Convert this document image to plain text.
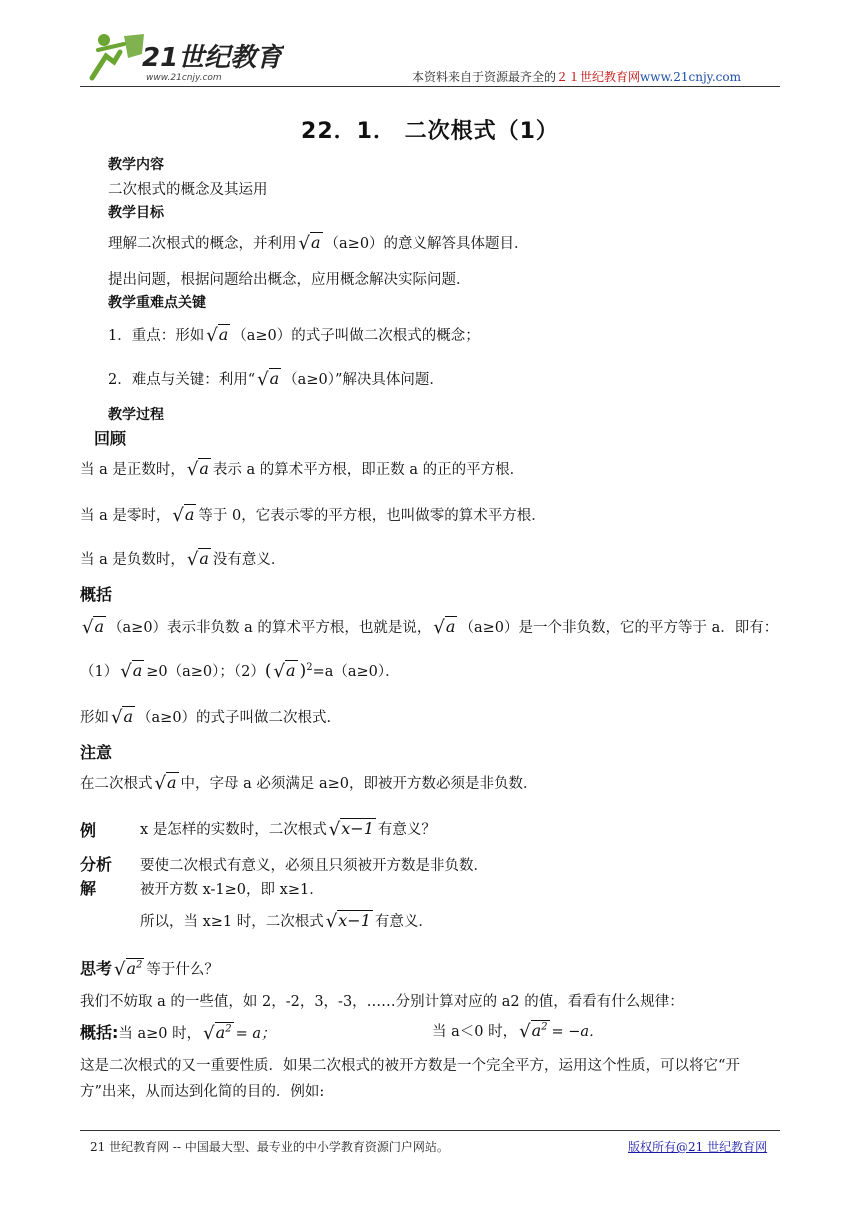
21世纪教育
www.21cnjy.com	本资料来自于资源最齐全的２１世纪教育网www.21cnjy.com
22．1． 二次根式（1）
教学内容
二次根式的概念及其运用
教学目标
理解二次根式的概念，并利用 √a （a≥0）的意义解答具体题目．
提出问题，根据问题给出概念，应用概念解决实际问题．
教学重难点关键
1．重点：形如 √a （a≥0）的式子叫做二次根式的概念；
2．难点与关键：利用“ √a （a≥0）”解决具体问题．
教学过程
回顾
当 a 是正数时， √a 表示 a 的算术平方根，即正数 a 的正的平方根．
当 a 是零时， √a 等于 0，它表示零的平方根，也叫做零的算术平方根．
当 a 是负数时， √a 没有意义．
概括
√a （a≥0）表示非负数 a 的算术平方根，也就是说， √a （a≥0）是一个非负数，它的平方等于 a．即有：
（1） √a ≥0（a≥0）；（2）( √a )$^2$=a（a≥0）．
形如 √a （a≥0）的式子叫做二次根式．
注意
在二次根式 √a 中，字母 a 必须满足 a≥0，即被开方数必须是非负数．
例	x 是怎样的实数时，二次根式 √x−1 有意义？
分析 要使二次根式有意义，必须且只须被开方数是非负数．
解	被开方数 x-1≥0，即 x≥1．
所以，当 x≥1 时，二次根式 √x−1 有意义．
思考 $√a^2$ 等于什么？
我们不妨取 a 的一些值，如 2，-2，3，-3，……分别计算对应的 a2 的值，看看有什么规律：
概括:当 a≥0 时， $√a^2 = a$；	当 a＜0 时， $√a^2 = -a$．
这是二次根式的又一重要性质．如果二次根式的被开方数是一个完全平方，运用这个性质，可以将它“开
方”出来，从而达到化简的目的．例如:
21 世纪教育网 -- 中国最大型、最专业的中小学教育资源门户网站。	版权所有@21 世纪教育网
